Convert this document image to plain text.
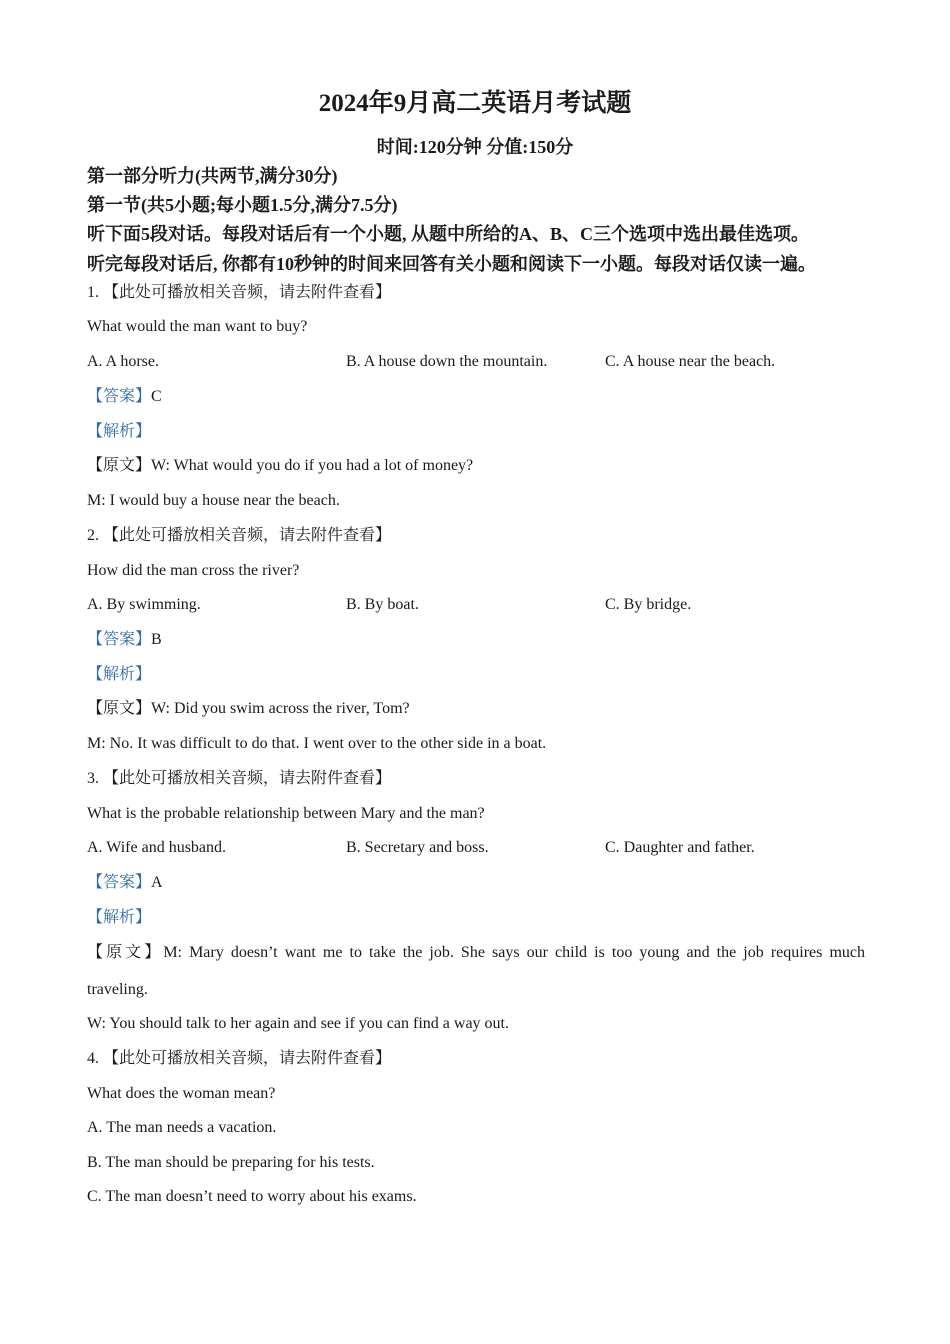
2024年9月高二英语月考试题
时间:120分钟 分值:150分
第一部分听力(共两节,满分30分)
第一节(共5小题;每小题1.5分,满分7.5分)
听下面5段对话。每段对话后有一个小题, 从题中所给的A、B、C三个选项中选出最佳选项。
听完每段对话后, 你都有10秒钟的时间来回答有关小题和阅读下一小题。每段对话仅读一遍。
1. 【此处可播放相关音频，请去附件查看】
What would the man want to buy?
A. A horse.	B. A house down the mountain.	C. A house near the beach.
【答案】C
【解析】
【原文】W: What would you do if you had a lot of money?
M: I would buy a house near the beach.
2. 【此处可播放相关音频，请去附件查看】
How did the man cross the river?
A. By swimming.	B. By boat.	C. By bridge.
【答案】B
【解析】
【原文】W: Did you swim across the river, Tom?
M: No. It was difficult to do that. I went over to the other side in a boat.
3. 【此处可播放相关音频，请去附件查看】
What is the probable relationship between Mary and the man?
A. Wife and husband.	B. Secretary and boss.	C. Daughter and father.
【答案】A
【解析】
【原文】M: Mary doesn’t want me to take the job. She says our child is too young and the job requires much
traveling.
W: You should talk to her again and see if you can find a way out.
4. 【此处可播放相关音频，请去附件查看】
What does the woman mean?
A. The man needs a vacation.
B. The man should be preparing for his tests.
C. The man doesn’t need to worry about his exams.
